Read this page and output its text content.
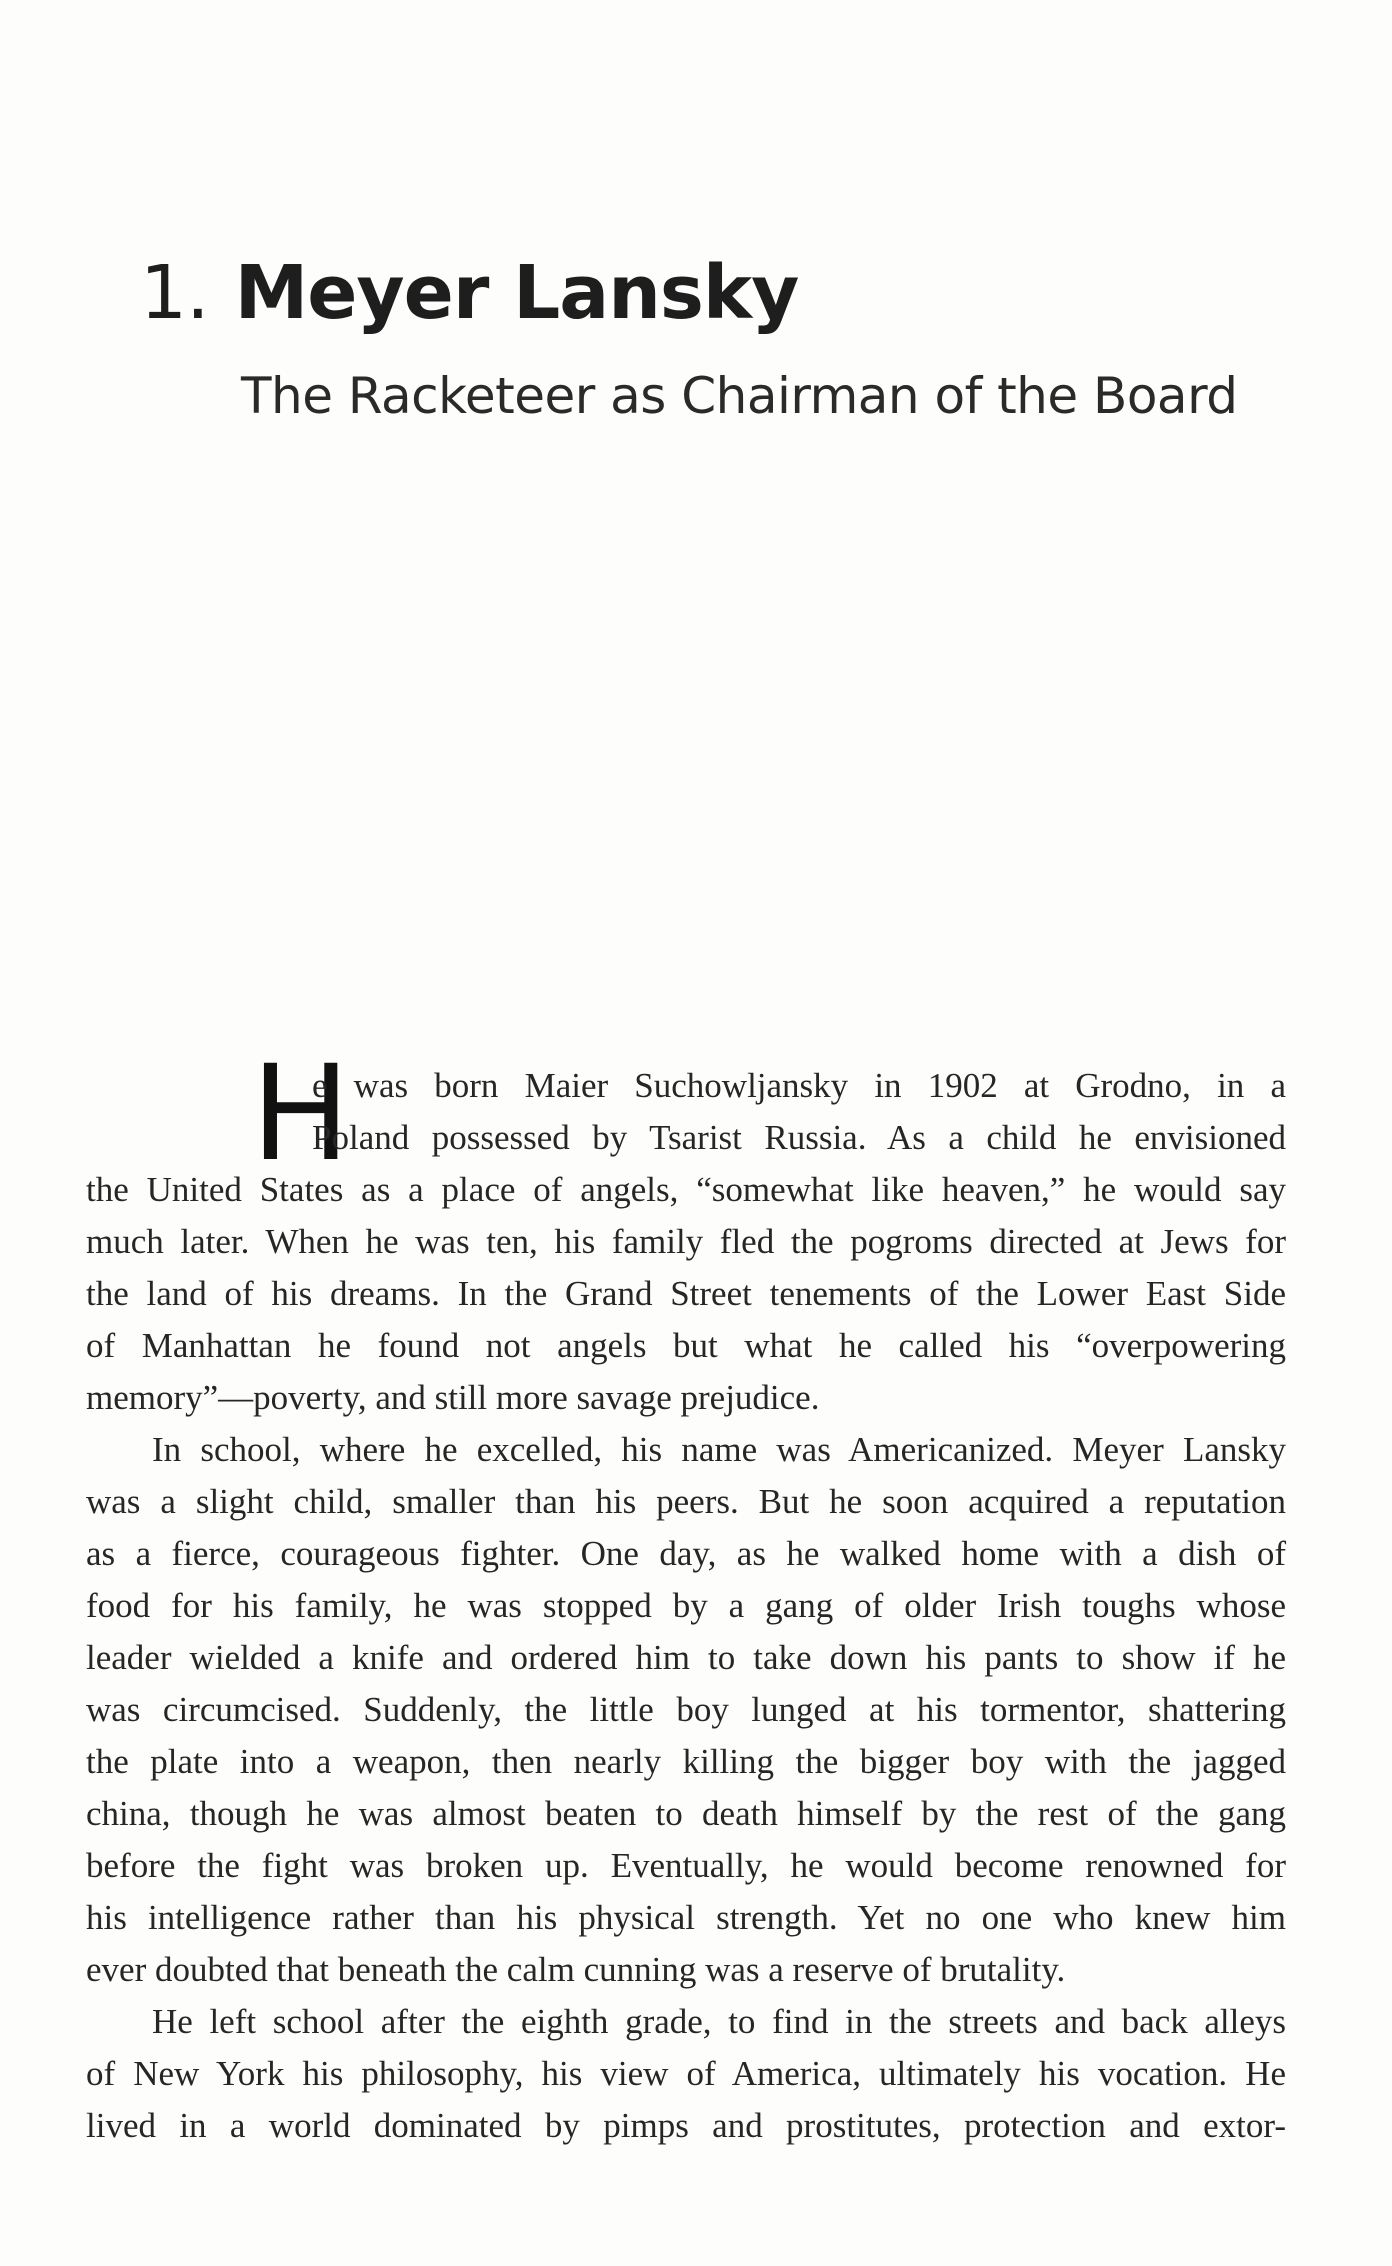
1. Meyer Lansky
The Racketeer as Chairman of the Board
H
e was born Maier Suchowljansky in 1902 at Grodno, in a
Poland possessed by Tsarist Russia. As a child he envisioned
the United States as a place of angels, “somewhat like heaven,” he would say
much later. When he was ten, his family fled the pogroms directed at Jews for
the land of his dreams. In the Grand Street tenements of the Lower East Side
of Manhattan he found not angels but what he called his “overpowering
memory”—poverty, and still more savage prejudice.
In school, where he excelled, his name was Americanized. Meyer Lansky
was a slight child, smaller than his peers. But he soon acquired a reputation
as a fierce, courageous fighter. One day, as he walked home with a dish of
food for his family, he was stopped by a gang of older Irish toughs whose
leader wielded a knife and ordered him to take down his pants to show if he
was circumcised. Suddenly, the little boy lunged at his tormentor, shattering
the plate into a weapon, then nearly killing the bigger boy with the jagged
china, though he was almost beaten to death himself by the rest of the gang
before the fight was broken up. Eventually, he would become renowned for
his intelligence rather than his physical strength. Yet no one who knew him
ever doubted that beneath the calm cunning was a reserve of brutality.
He left school after the eighth grade, to find in the streets and back alleys
of New York his philosophy, his view of America, ultimately his vocation. He
lived in a world dominated by pimps and prostitutes, protection and extor-
